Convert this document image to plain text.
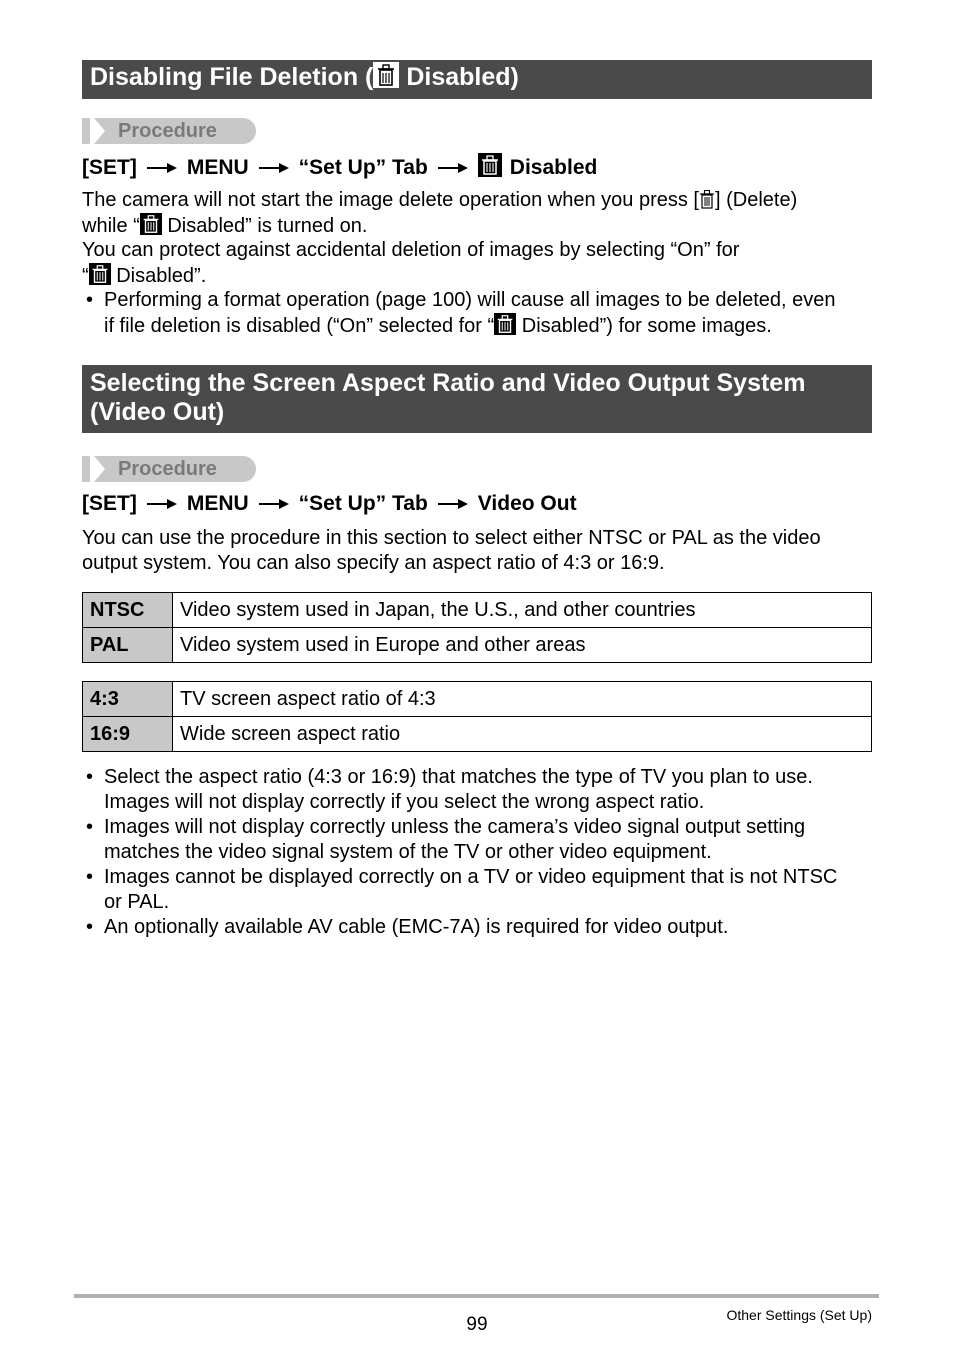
Disabling File Deletion ( Disabled)
Procedure
[SET] MENU “Set Up” Tab	Disabled
The camera will not start the image delete operation when you press [ ] (Delete)
while “ Disabled” is turned on.
You can protect against accidental deletion of images by selecting “On” for
“ Disabled”.
• Performing a format operation (page 100) will cause all images to be deleted, even
if file deletion is disabled (“On” selected for “ Disabled”) for some images.
Selecting the Screen Aspect Ratio and Video Output System
(Video Out)
Procedure
[SET] MENU “Set Up” Tab Video Out
You can use the procedure in this section to select either NTSC or PAL as the video
output system. You can also specify an aspect ratio of 4:3 or 16:9.
NTSC	Video system used in Japan, the U.S., and other countries
PAL	Video system used in Europe and other areas
4:3	TV screen aspect ratio of 4:3
16:9	Wide screen aspect ratio
• Select the aspect ratio (4:3 or 16:9) that matches the type of TV you plan to use.
Images will not display correctly if you select the wrong aspect ratio.
• Images will not display correctly unless the camera’s video signal output setting
matches the video signal system of the TV or other video equipment.
• Images cannot be displayed correctly on a TV or video equipment that is not NTSC
or PAL.
• An optionally available AV cable (EMC-7A) is required for video output.
99	Other Settings (Set Up)
